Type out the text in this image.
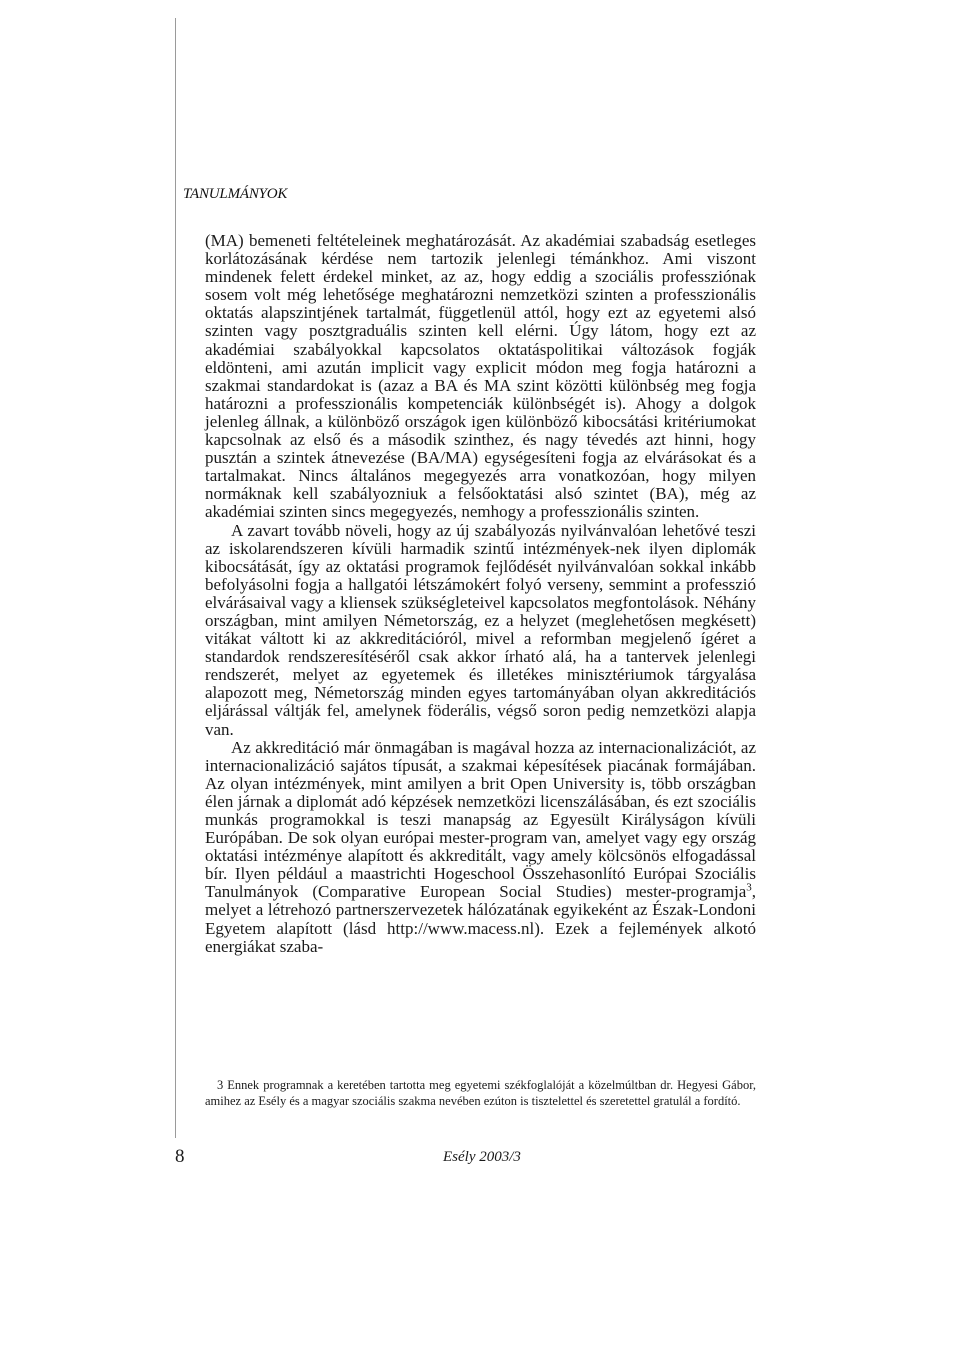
TANULMÁNYOK

(MA) bemeneti feltételeinek meghatározását. Az akadémiai szabadság esetleges korlátozásának kérdése nem tartozik jelenlegi témánkhoz. Ami viszont mindenek felett érdekel minket, az az, hogy eddig a szociális professziónak sosem volt még lehetősége meghatározni nemzetközi szinten a professzionális oktatás alapszintjének tartalmát, függetlenül attól, hogy ezt az egyetemi alsó szinten vagy posztgraduális szinten kell elérni. Úgy látom, hogy ezt az akadémiai szabályokkal kapcsolatos oktatáspolitikai változások fogják eldönteni, ami azután implicit vagy explicit módon meg fogja határozni a szakmai standardokat is (azaz a BA és MA szint közötti különbség meg fogja határozni a professzionális kompetenciák különbségét is). Ahogy a dolgok jelenleg állnak, a különböző országok igen különböző kibocsátási kritériumokat kapcsolnak az első és a második szinthez, és nagy tévedés azt hinni, hogy pusztán a szintek átnevezése (BA/MA) egységesíteni fogja az elvárásokat és a tartalmakat. Nincs általános megegyezés arra vonatkozóan, hogy milyen normáknak kell szabályozniuk a felsőoktatási alsó szintet (BA), még az akadémiai szinten sincs megegyezés, nemhogy a professzionális szinten.

A zavart tovább növeli, hogy az új szabályozás nyilvánvalóan lehetővé teszi az iskolarendszeren kívüli harmadik szintű intézmények-nek ilyen diplomák kibocsátását, így az oktatási programok fejlődését nyilvánvalóan sokkal inkább befolyásolni fogja a hallgatói létszámokért folyó verseny, semmint a professzió elvárásaival vagy a kliensek szükségleteivel kapcsolatos megfontolások. Néhány országban, mint amilyen Németország, ez a helyzet (meglehetősen megkésett) vitákat váltott ki az akkreditációról, mivel a reformban megjelenő ígéret a standardok rendszeresítéséről csak akkor írható alá, ha a tantervek jelenlegi rendszerét, melyet az egyetemek és illetékes minisztériumok tárgyalása alapozott meg, Németország minden egyes tartományában olyan akkreditációs eljárással váltják fel, amelynek föderális, végső soron pedig nemzetközi alapja van.

Az akkreditáció már önmagában is magával hozza az internacionalizációt, az internacionalizáció sajátos típusát, a szakmai képesítések piacának formájában. Az olyan intézmények, mint amilyen a brit Open University is, több országban élen járnak a diplomát adó képzések nemzetközi licenszálásában, és ezt szociális munkás programokkal is teszi manapság az Egyesült Királyságon kívüli Európában. De sok olyan európai mester-program van, amelyet vagy egy ország oktatási intézménye alapított és akkreditált, vagy amely kölcsönös elfogadással bír. Ilyen például a maastrichti Hogeschool Összehasonlító Európai Szociális Tanulmányok (Comparative European Social Studies) mester-programja$^3$, melyet a létrehozó partnerszervezetek hálózatának egyikeként az Észak-Londoni Egyetem alapított (lásd http://www.macess.nl). Ezek a fejlemények alkotó energiákat szaba-

3 Ennek programnak a keretében tartotta meg egyetemi székfoglalóját a közelmúltban dr. Hegyesi Gábor, amihez az Esély és a magyar szociális szakma nevében ezúton is tisztelettel és szeretettel gratulál a fordító.
8	Esély 2003/3
